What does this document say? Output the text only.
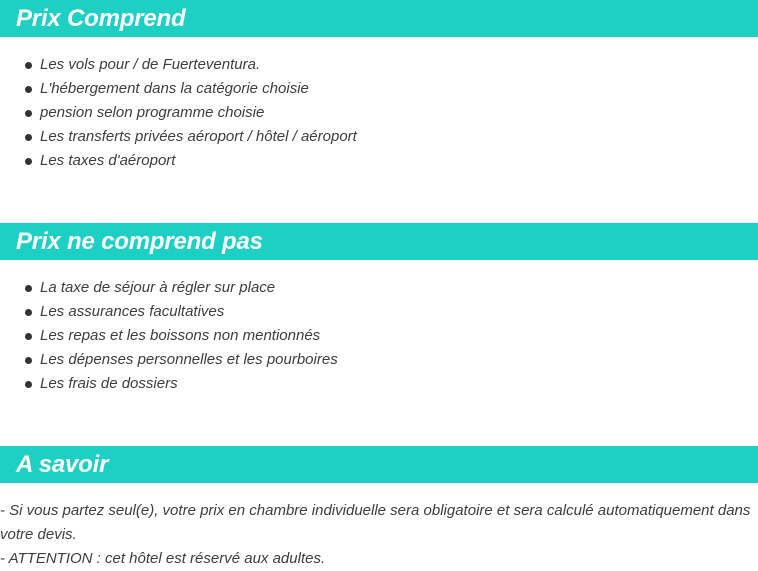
Prix Comprend
Les vols pour / de Fuerteventura.
L'hébergement dans la catégorie choisie
pension selon programme choisie
Les transferts privées aéroport / hôtel / aéroport
Les taxes d'aéroport
Prix ne comprend pas
La taxe de séjour à régler sur place
Les assurances facultatives
Les repas et les boissons non mentionnés
Les dépenses personnelles et les pourboires
Les frais de dossiers
A savoir
- Si vous partez seul(e), votre prix en chambre individuelle sera obligatoire et sera calculé automatiquement dans votre devis.
- ATTENTION : cet hôtel est réservé aux adultes.
